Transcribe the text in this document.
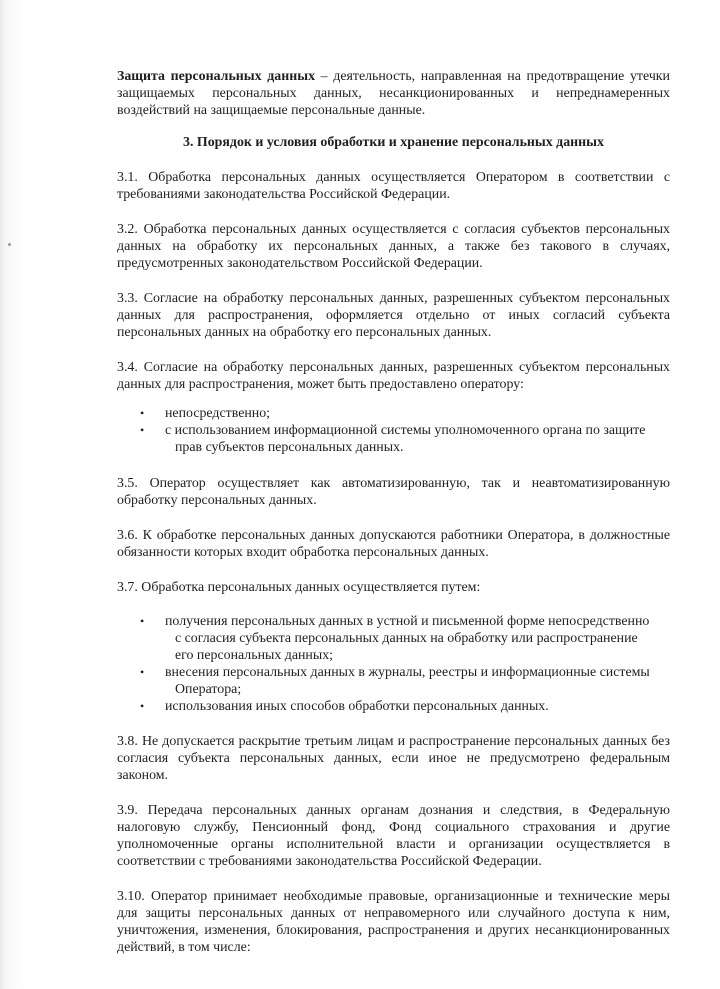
Защита персональных данных – деятельность, направленная на предотвращение утечки защищаемых персональных данных, несанкционированных и непреднамеренных воздействий на защищаемые персональные данные.

3. Порядок и условия обработки и хранение персональных данных

3.1. Обработка персональных данных осуществляется Оператором в соответствии с требованиями законодательства Российской Федерации.

3.2. Обработка персональных данных осуществляется с согласия субъектов персональных данных на обработку их персональных данных, а также без такового в случаях, предусмотренных законодательством Российской Федерации.

3.3. Согласие на обработку персональных данных, разрешенных субъектом персональных данных для распространения, оформляется отдельно от иных согласий субъекта персональных данных на обработку его персональных данных.

3.4. Согласие на обработку персональных данных, разрешенных субъектом персональных данных для распространения, может быть предоставлено оператору:

• непосредственно;
• с использованием информационной системы уполномоченного органа по защите
прав субъектов персональных данных.

3.5. Оператор осуществляет как автоматизированную, так и неавтоматизированную обработку персональных данных.

3.6. К обработке персональных данных допускаются работники Оператора, в должностные обязанности которых входит обработка персональных данных.

3.7. Обработка персональных данных осуществляется путем:

• получения персональных данных в устной и письменной форме непосредственно
с согласия субъекта персональных данных на обработку или распространение
его персональных данных;
• внесения персональных данных в журналы, реестры и информационные системы
Оператора;
• использования иных способов обработки персональных данных.

3.8. Не допускается раскрытие третьим лицам и распространение персональных данных без согласия субъекта персональных данных, если иное не предусмотрено федеральным законом.

3.9. Передача персональных данных органам дознания и следствия, в Федеральную налоговую службу, Пенсионный фонд, Фонд социального страхования и другие уполномоченные органы исполнительной власти и организации осуществляется в соответствии с требованиями законодательства Российской Федерации.

3.10. Оператор принимает необходимые правовые, организационные и технические меры для защиты персональных данных от неправомерного или случайного доступа к ним, уничтожения, изменения, блокирования, распространения и других несанкционированных действий, в том числе:
